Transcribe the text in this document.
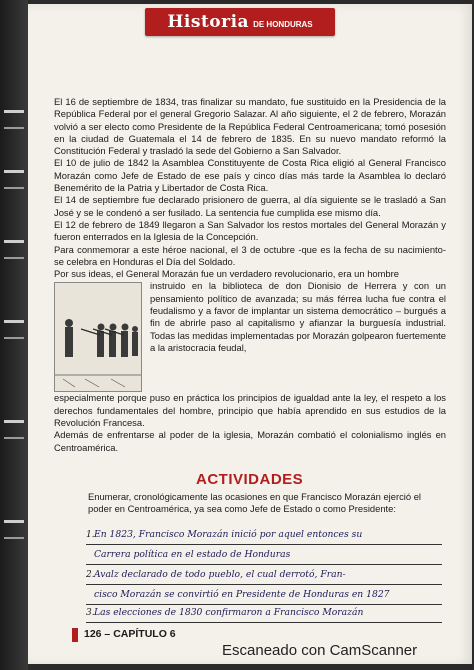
Historia DE HONDURAS

El 16 de septiembre de 1834, tras finalizar su mandato, fue sustituido en la Presidencia de la República Federal por el general Gregorio Salazar. Al año siguiente, el 2 de febrero, Morazán volvió a ser electo como Presidente de la República Federal Centroamericana; tomó posesión en la ciudad de Guatemala el 14 de febrero de 1835. En su nuevo mandato reformó la Constitución Federal y trasladó la sede del Gobierno a San Salvador.

El 10 de julio de 1842 la Asamblea Constituyente de Costa Rica eligió al General Francisco Morazán como Jefe de Estado de ese país y cinco días más tarde la Asamblea lo declaró Benemérito de la Patria y Libertador de Costa Rica.

El 14 de septiembre fue declarado prisionero de guerra, al día siguiente se le trasladó a San José y se le condenó a ser fusilado. La sentencia fue cumplida ese mismo día.

El 12 de febrero de 1849 llegaron a San Salvador los restos mortales del General Morazán y fueron enterrados en la Iglesia de la Concepción.

Para conmemorar a este héroe nacional, el 3 de octubre -que es la fecha de su nacimiento- se celebra en Honduras el Día del Soldado.

Por sus ideas, el General Morazán fue un verdadero revolucionario, era un hombre

instruido en la biblioteca de don Dionisio de Herrera y con un pensamiento político de avanzada; su más férrea lucha fue contra el feudalismo y a favor de implantar un sistema democrático – burgués a fin de abrirle paso al capitalismo y afianzar la burguesía industrial. Todas las medidas implementadas por Morazán golpearon fuertemente a la aristocracia feudal,

especialmente porque puso en práctica los principios de igualdad ante la ley, el respeto a los derechos fundamentales del hombre, principio que había aprendido en sus estudios de la Revolución Francesa.

Además de enfrentarse al poder de la iglesia, Morazán combatió el colonialismo inglés en Centroamérica.

ACTIVIDADES
Enumerar, cronológicamente las ocasiones en que Francisco Morazán ejerció el poder en Centroamérica, ya sea como Jefe de Estado o como Presidente:
1. En 1823, Francisco Morazán inició por aquel entonces su
Carrera política en el estado de Honduras
2. Avalz declarado de todo pueblo, el cual derrotó, Fran-
cisco Morazán se convirtió en Presidente de Honduras en 1827
3. Las elecciones de 1830 confirmaron a Francisco Morazán
126 – CAPÍTULO 6
Escaneado con CamScanner
